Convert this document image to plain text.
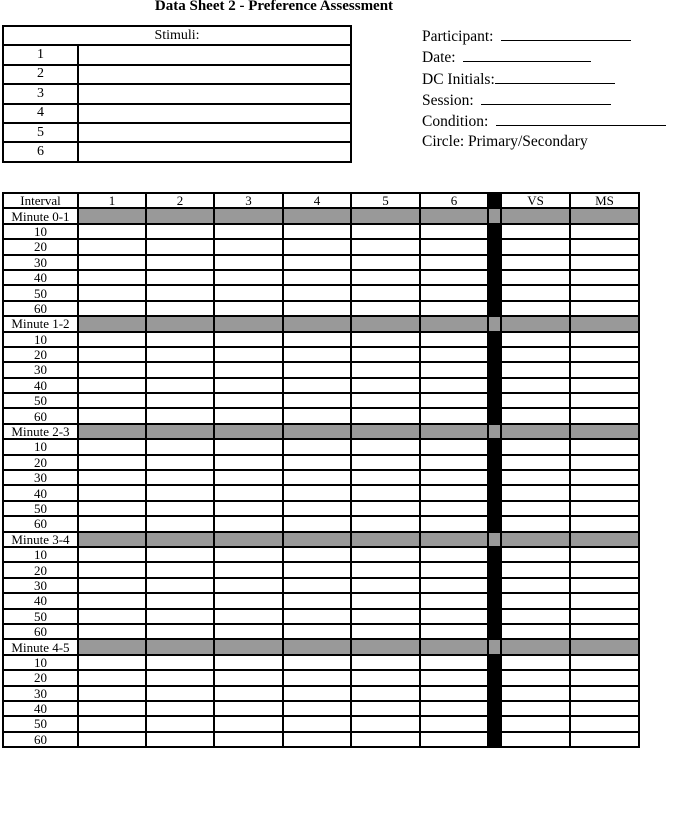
Data Sheet 2 - Preference Assessment
Stimuli:	
1	
2	
3	
4	
5	
6	
Participant:
Date:
DC Initials:
Session:
Condition:
Circle: Primary/Secondary
Interval	1	2	3	4	5	6		VS	MS
Minute 0-1									
10									
20									
30									
40									
50									
60									
Minute 1-2									
10									
20									
30									
40									
50									
60									
Minute 2-3									
10									
20									
30									
40									
50									
60									
Minute 3-4									
10									
20									
30									
40									
50									
60									
Minute 4-5									
10									
20									
30									
40									
50									
60									
